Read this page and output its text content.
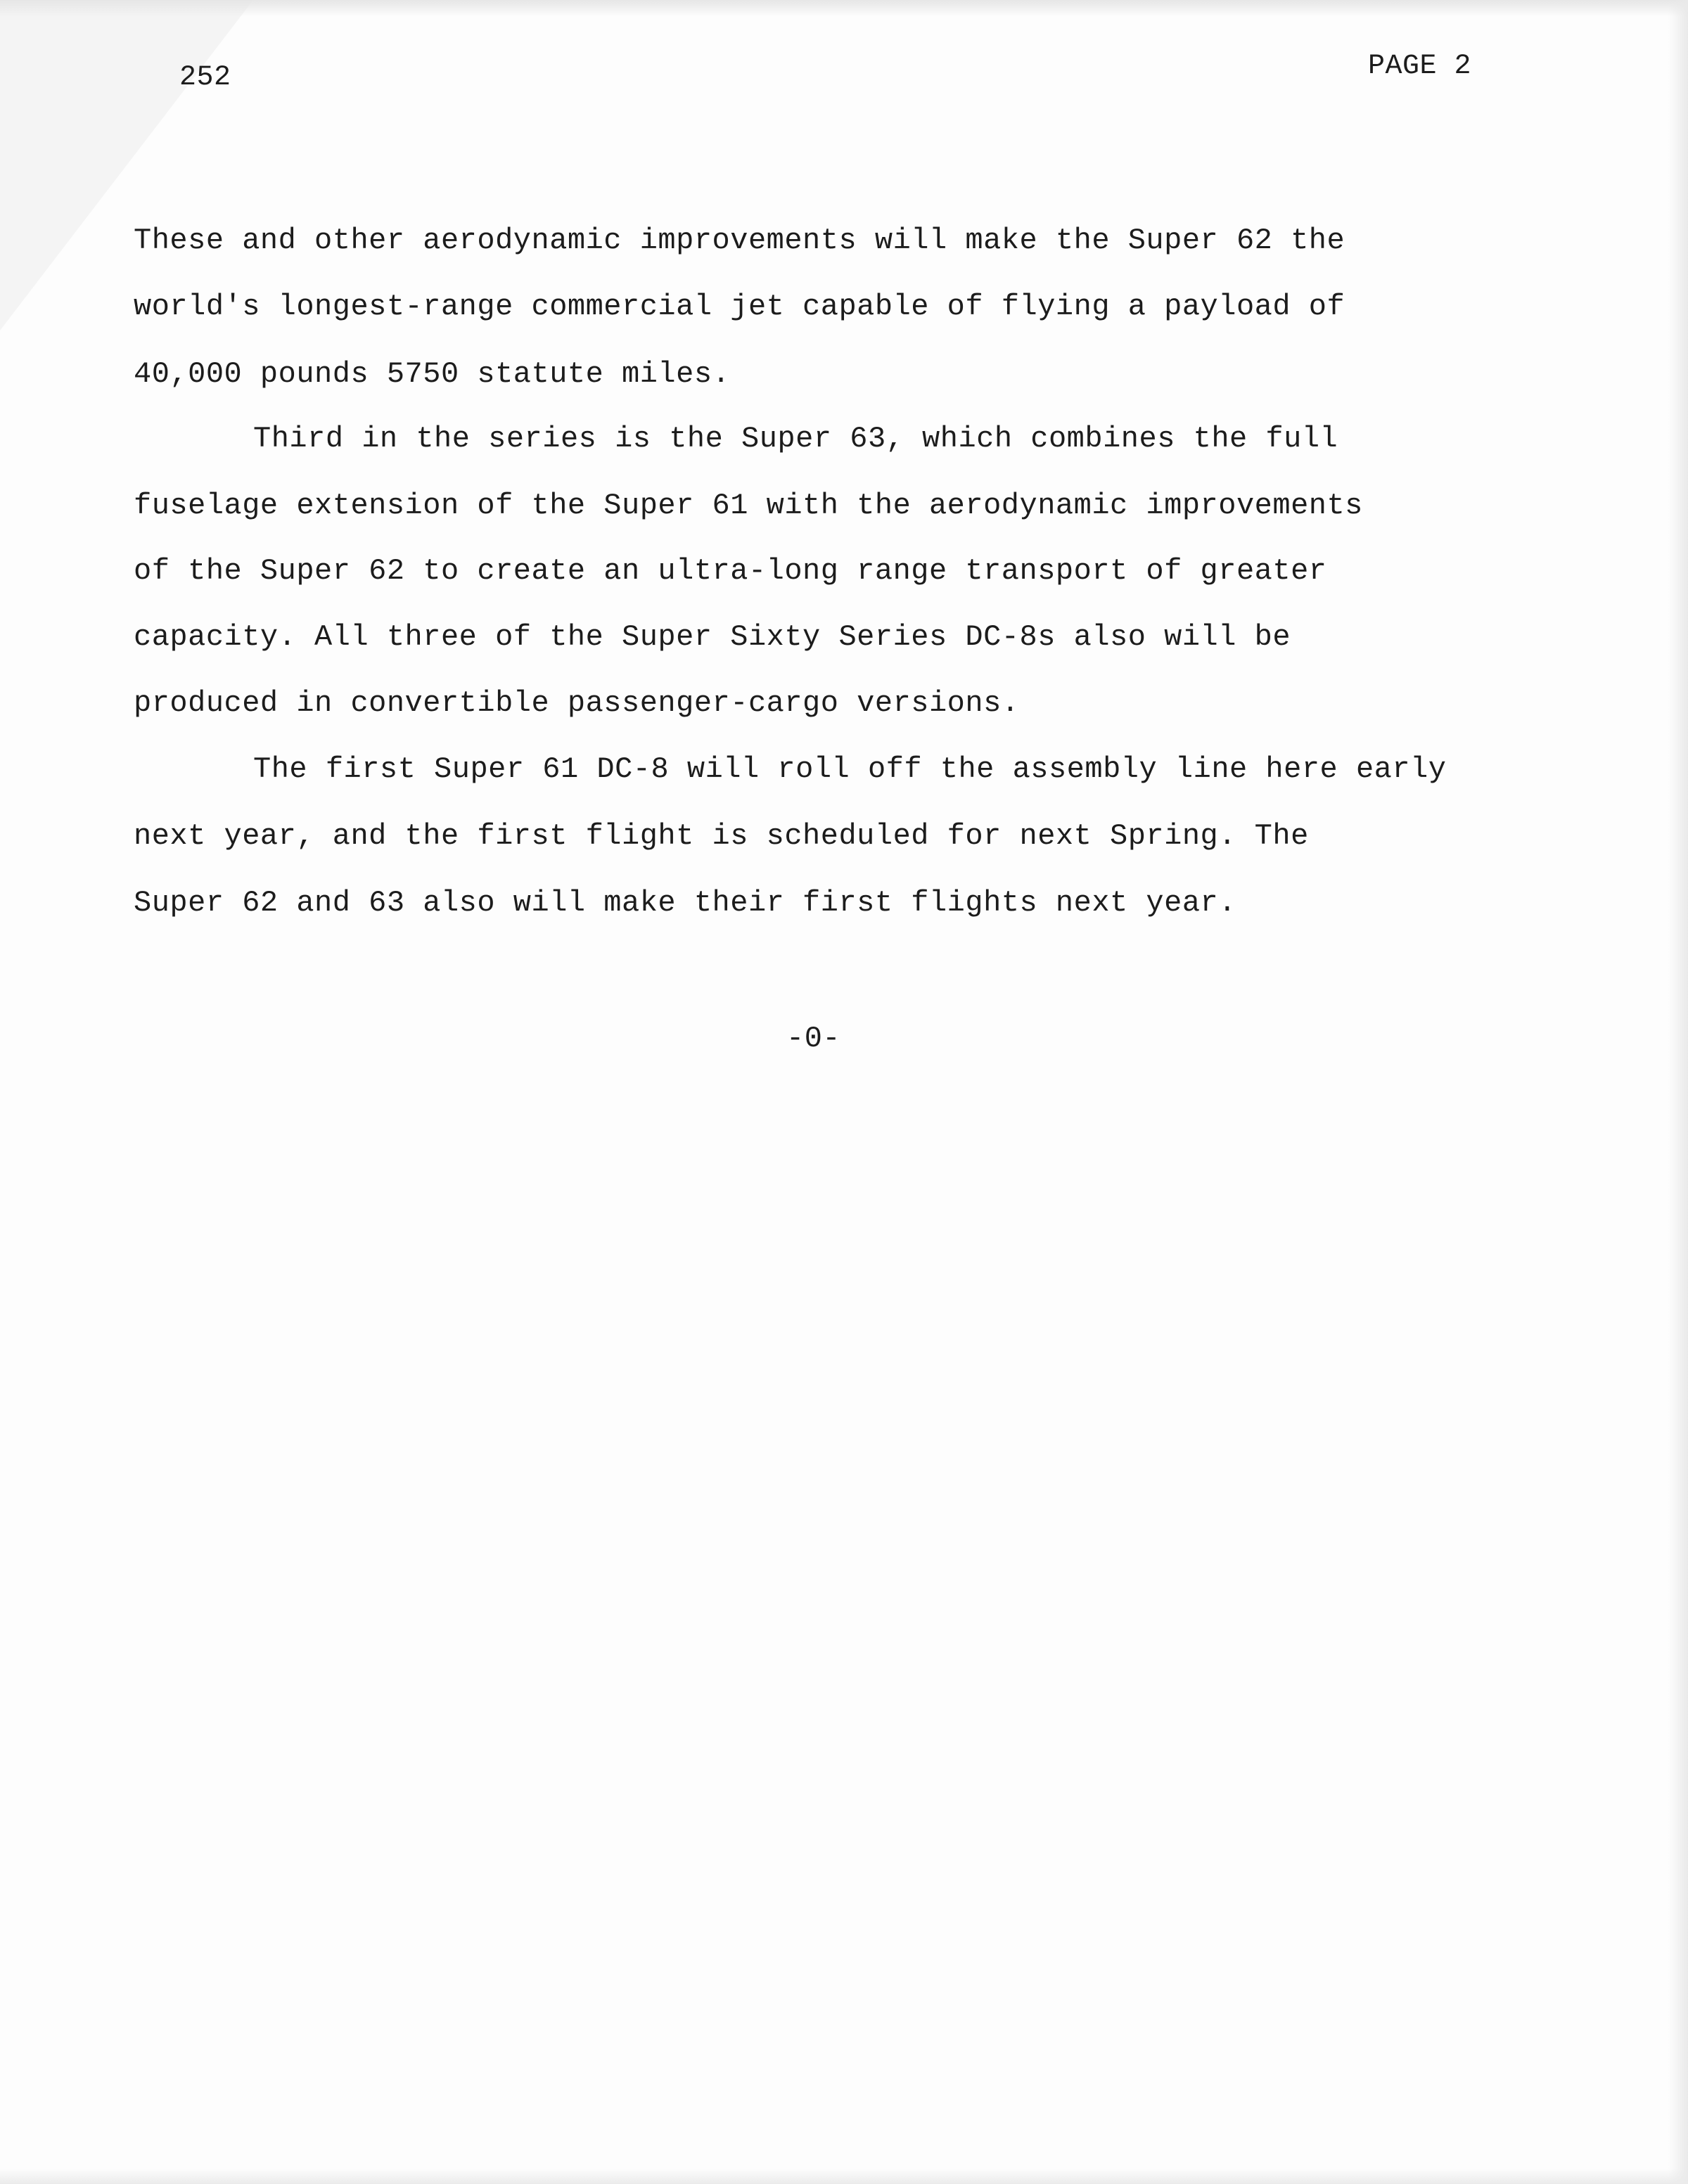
252	PAGE 2
These and other aerodynamic improvements will make the Super 62 the
world's longest-range commercial jet capable of flying a payload of
40,000 pounds 5750 statute miles.
Third in the series is the Super 63, which combines the full
fuselage extension of the Super 61 with the aerodynamic improvements
of the Super 62 to create an ultra-long range transport of greater
capacity. All three of the Super Sixty Series DC-8s also will be
produced in convertible passenger-cargo versions.
The first Super 61 DC-8 will roll off the assembly line here early
next year, and the first flight is scheduled for next Spring. The
Super 62 and 63 also will make their first flights next year.
-0-
